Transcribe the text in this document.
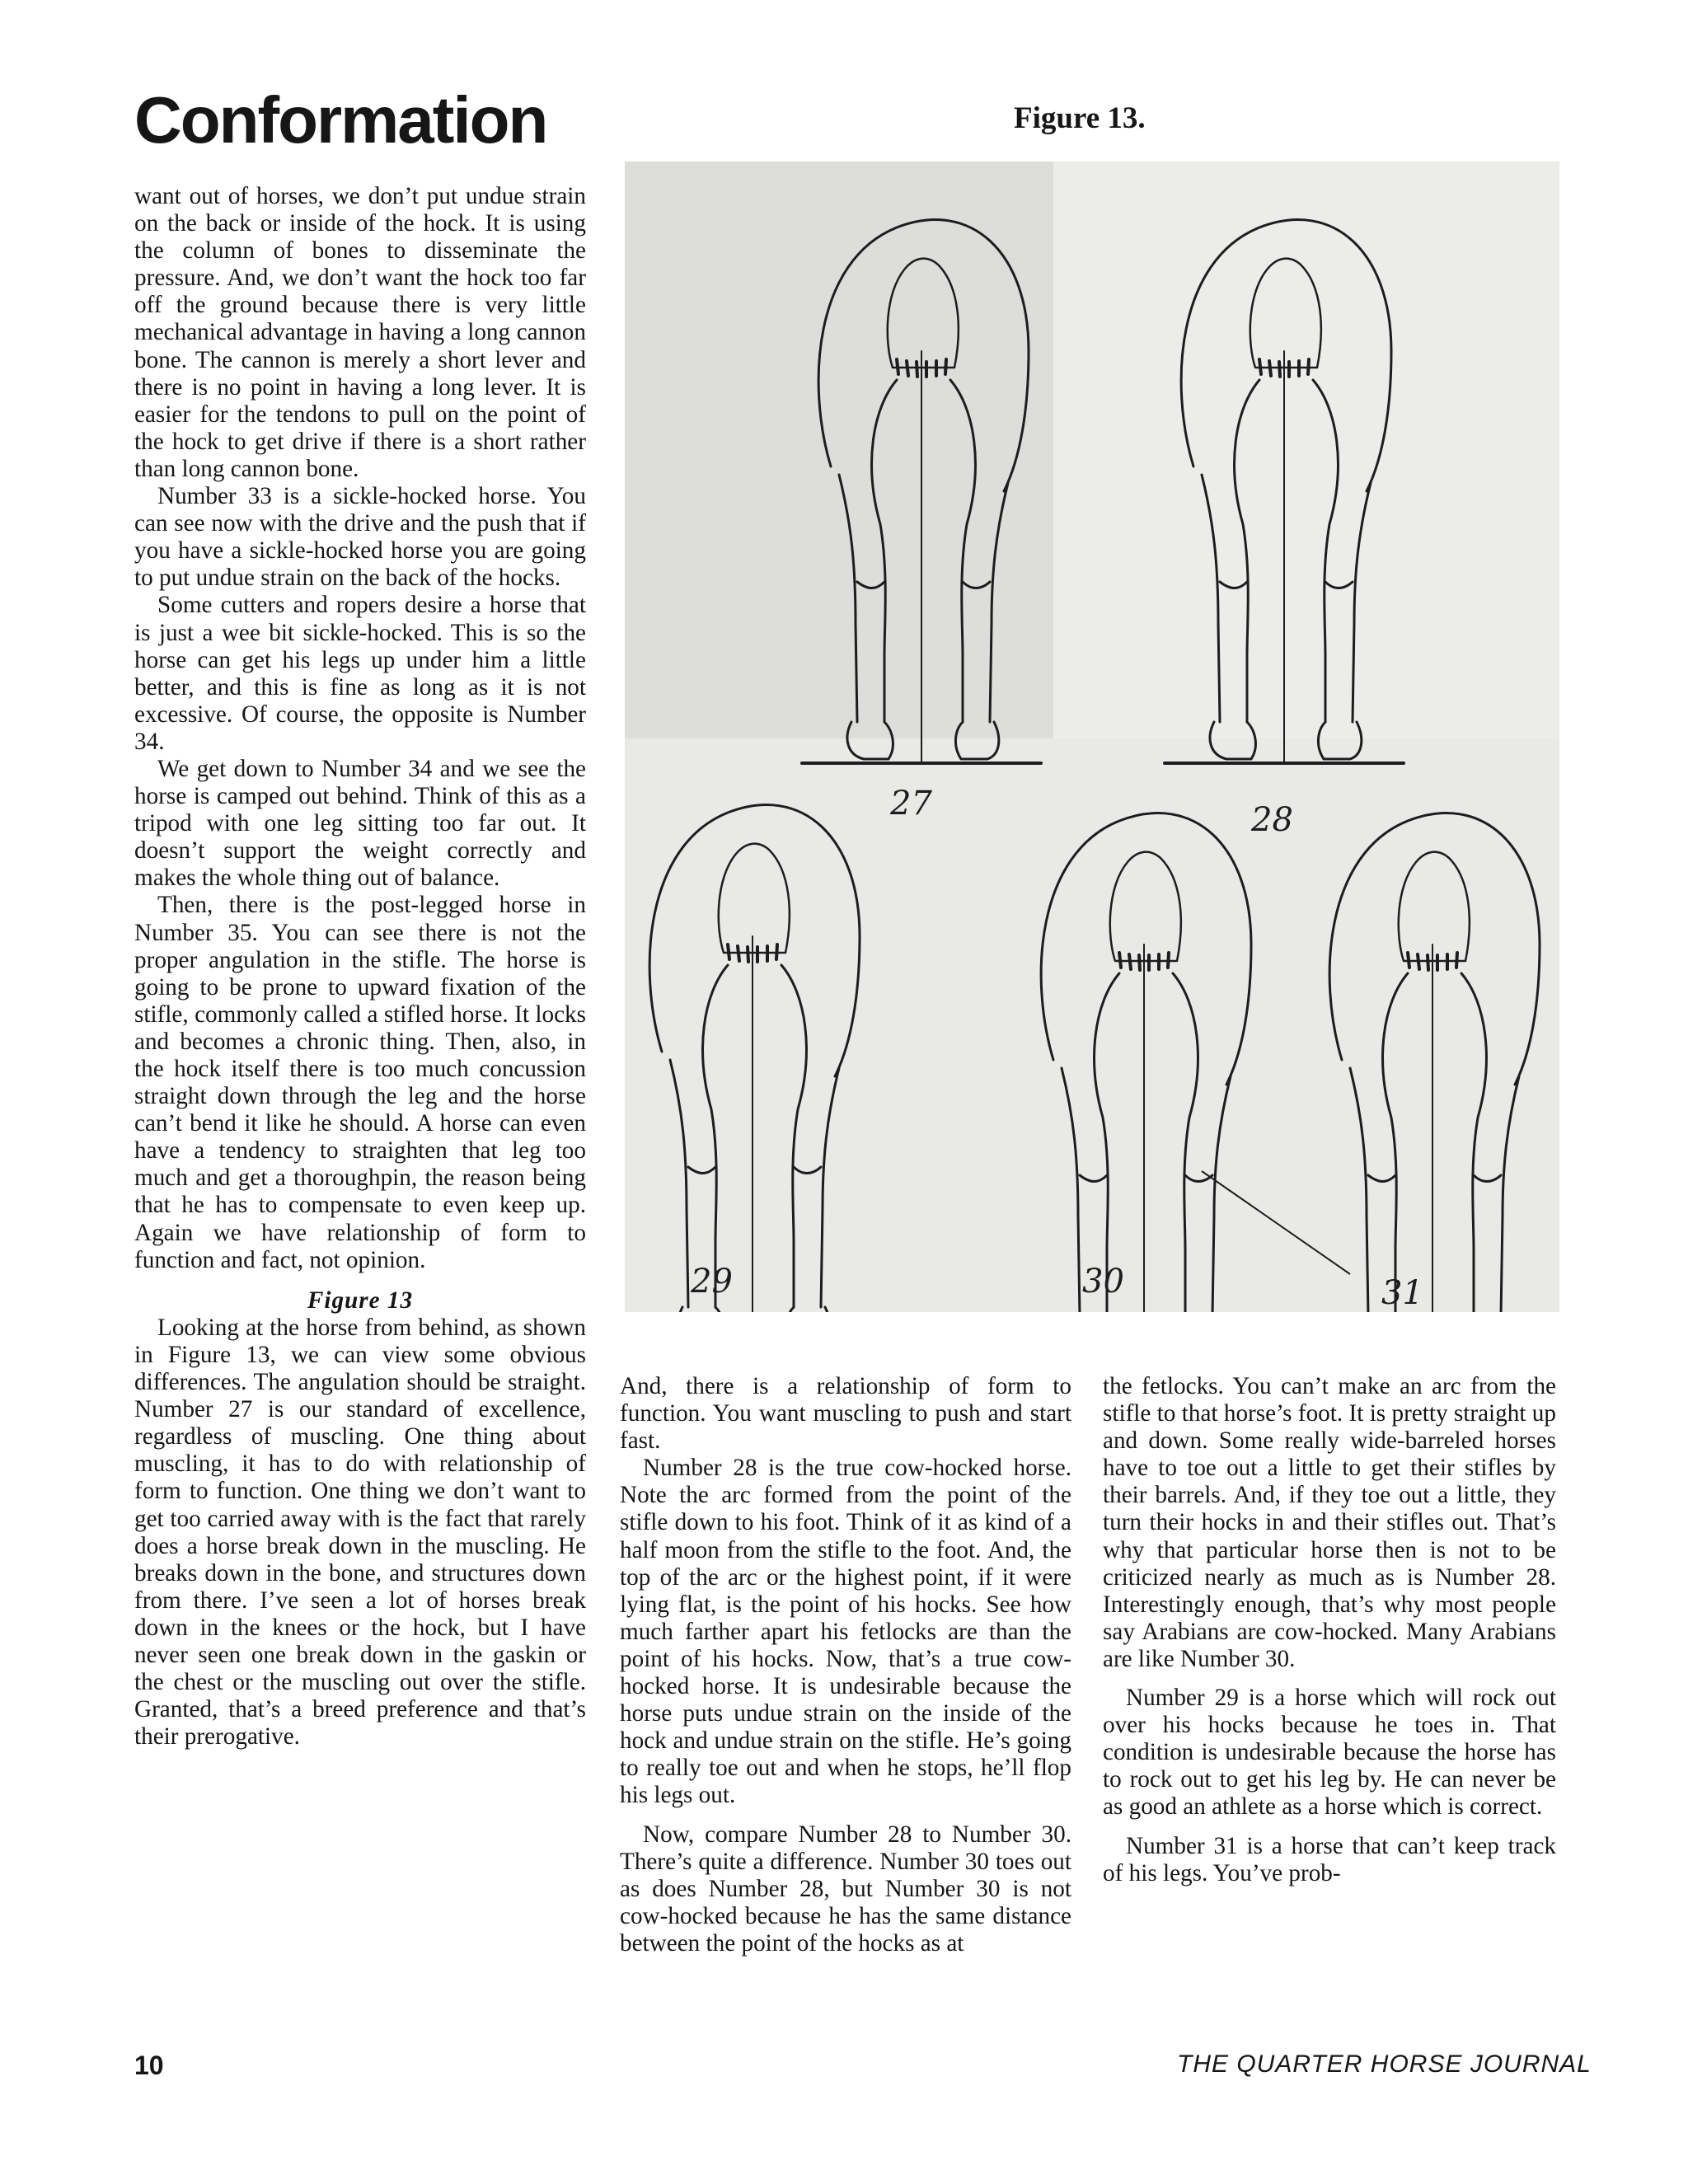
Conformation	Figure 13.
27	28
29	30	31

want out of horses, we don’t put undue strain on the back or inside of the hock. It is using the column of bones to disseminate the pressure. And, we don’t want the hock too far off the ground because there is very little mechanical advantage in having a long cannon bone. The cannon is merely a short lever and there is no point in having a long lever. It is easier for the tendons to pull on the point of the hock to get drive if there is a short rather than long cannon bone.

Number 33 is a sickle-hocked horse. You can see now with the drive and the push that if you have a sickle-hocked horse you are going to put undue strain on the back of the hocks.

Some cutters and ropers desire a horse that is just a wee bit sickle-hocked. This is so the horse can get his legs up under him a little better, and this is fine as long as it is not excessive. Of course, the opposite is Number 34.

We get down to Number 34 and we see the horse is camped out behind. Think of this as a tripod with one leg sitting too far out. It doesn’t support the weight correctly and makes the whole thing out of balance.

Then, there is the post-legged horse in Number 35. You can see there is not the proper angulation in the stifle. The horse is going to be prone to upward fixation of the stifle, commonly called a stifled horse. It locks and becomes a chronic thing. Then, also, in the hock itself there is too much concussion straight down through the leg and the horse can’t bend it like he should. A horse can even have a tendency to straighten that leg too much and get a thoroughpin, the reason being that he has to compensate to even keep up. Again we have relationship of form to function and fact, not opinion.

Figure 13

Looking at the horse from behind, as shown in Figure 13, we can view some obvious differences. The angulation should be straight. Number 27 is our standard of excellence, regardless of muscling. One thing about muscling, it has to do with relationship of form to function. One thing we don’t want to get too carried away with is the fact that rarely does a horse break down in the muscling. He breaks down in the bone, and structures down from there. I’ve seen a lot of horses break down in the knees or the hock, but I have never seen one break down in the gaskin or the chest or the muscling out over the stifle. Granted, that’s a breed preference and that’s their prerogative.

And, there is a relationship of form to function. You want muscling to push and start fast.

Number 28 is the true cow-hocked horse. Note the arc formed from the point of the stifle down to his foot. Think of it as kind of a half moon from the stifle to the foot. And, the top of the arc or the highest point, if it were lying flat, is the point of his hocks. See how much farther apart his fetlocks are than the point of his hocks. Now, that’s a true cow-hocked horse. It is undesirable because the horse puts undue strain on the inside of the hock and undue strain on the stifle. He’s going to really toe out and when he stops, he’ll flop his legs out.

Now, compare Number 28 to Number 30. There’s quite a difference. Number 30 toes out as does Number 28, but Number 30 is not cow-hocked because he has the same distance between the point of the hocks as at

the fetlocks. You can’t make an arc from the stifle to that horse’s foot. It is pretty straight up and down. Some really wide-barreled horses have to toe out a little to get their stifles by their barrels. And, if they toe out a little, they turn their hocks in and their stifles out. That’s why that particular horse then is not to be criticized nearly as much as is Number 28. Interestingly enough, that’s why most people say Arabians are cow-hocked. Many Arabians are like Number 30.

Number 29 is a horse which will rock out over his hocks because he toes in. That condition is undesirable because the horse has to rock out to get his leg by. He can never be as good an athlete as a horse which is correct.

Number 31 is a horse that can’t keep track of his legs. You’ve prob-

10	THE QUARTER HORSE JOURNAL
